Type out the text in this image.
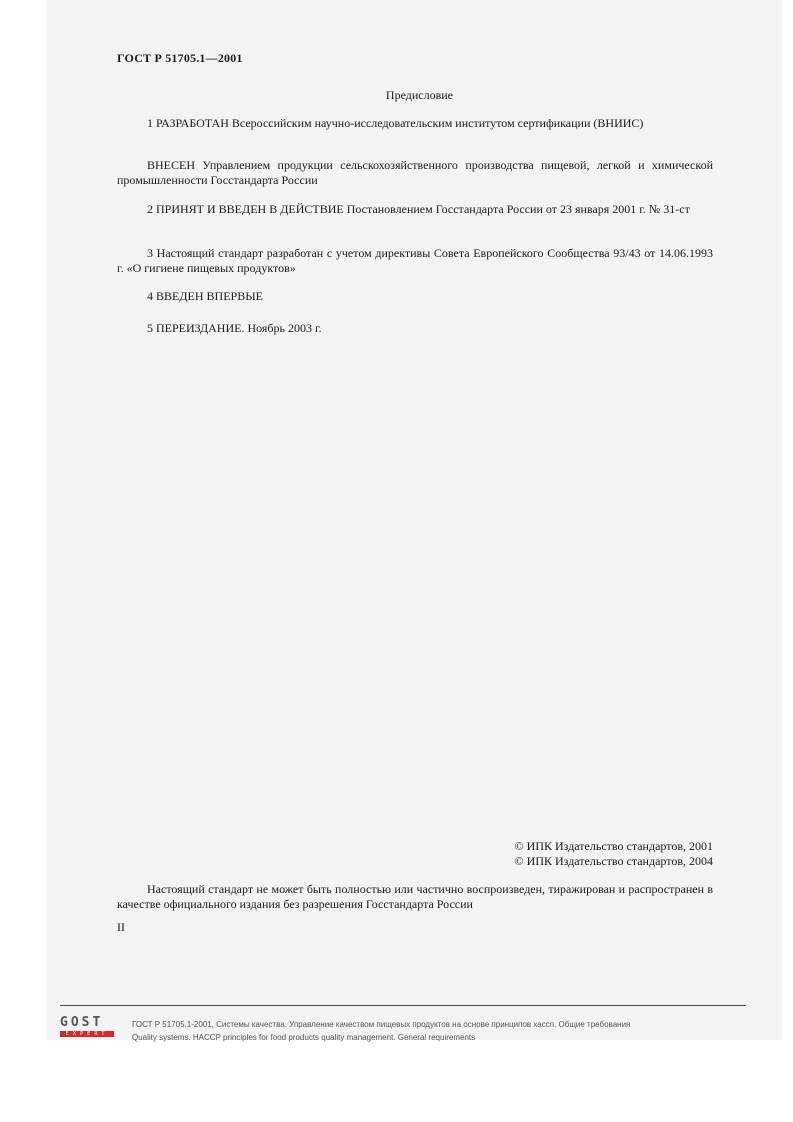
ГОСТ Р 51705.1—2001
Предисловие
1 РАЗРАБОТАН Всероссийским научно-исследовательским институтом сертификации (ВНИИС)
ВНЕСЕН Управлением продукции сельскохозяйственного производства пищевой, легкой и химической промышленности Госстандарта России
2 ПРИНЯТ И ВВЕДЕН В ДЕЙСТВИЕ Постановлением Госстандарта России от 23 января 2001 г. № 31-ст
3 Настоящий стандарт разработан с учетом директивы Совета Европейского Сообщества 93/43 от 14.06.1993 г. «О гигиене пищевых продуктов»
4 ВВЕДЕН ВПЕРВЫЕ
5 ПЕРЕИЗДАНИЕ. Ноябрь 2003 г.
© ИПК Издательство стандартов, 2001
© ИПК Издательство стандартов, 2004
Настоящий стандарт не может быть полностью или частично воспроизведен, тиражирован и распространен в качестве официального издания без разрешения Госстандарта России
II
GOST
EXPERT
ГОСТ Р 51705.1-2001, Системы качества. Управление качеством пищевых продуктов на основе принципов хассп. Общие требования
Quality systems. HACCP principles for food products quality management. General requirements
